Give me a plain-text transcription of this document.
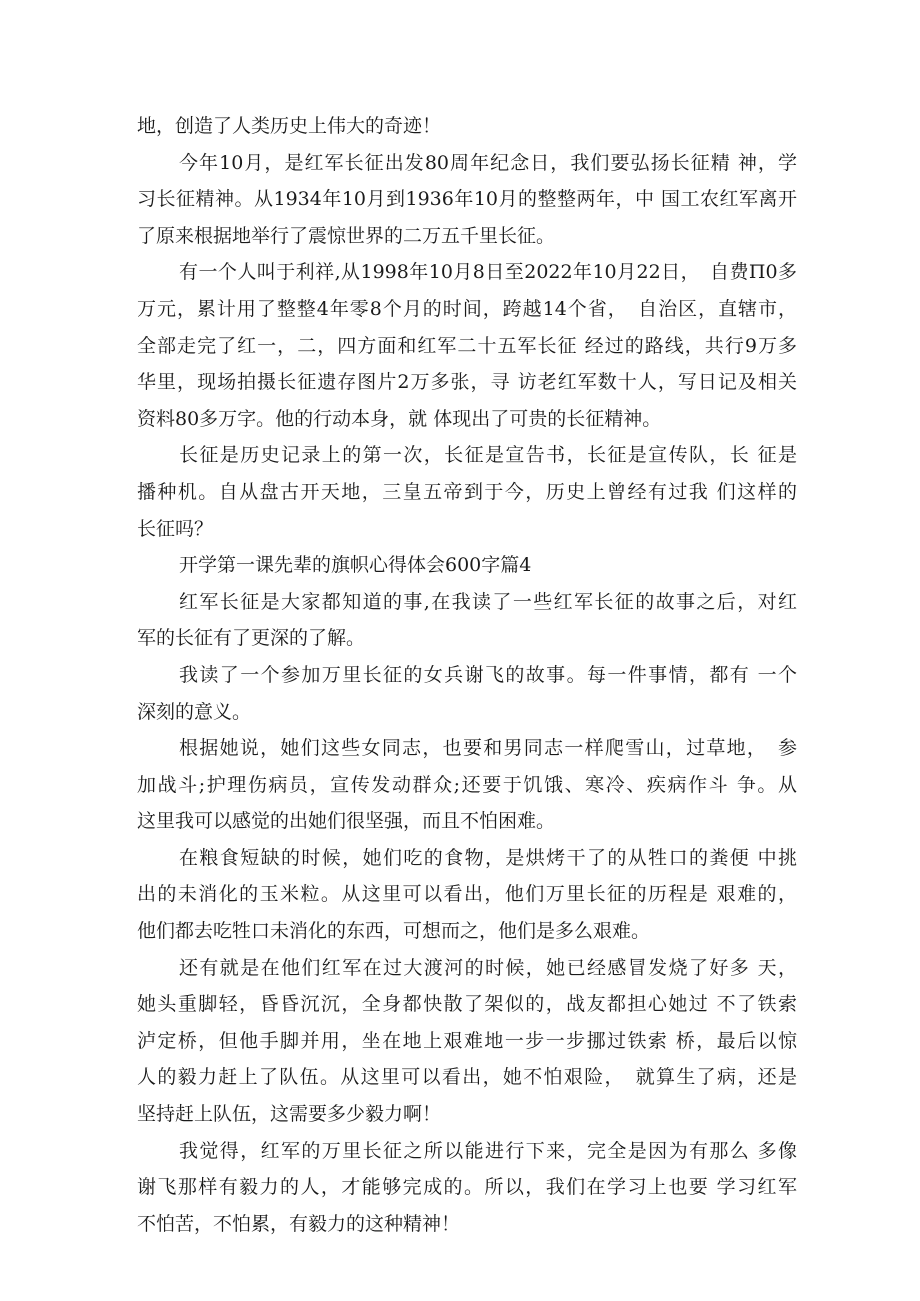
地，创造了人类历史上伟大的奇迹！
今年10月，是红军长征出发80周年纪念日，我们要弘扬长征精 神，学
习长征精神。从1934年10月到1936年10月的整整两年，中 国工农红军离开
了原来根据地举行了震惊世界的二万五千里长征。
有一个人叫于利祥,从1998年10月8日至2022年10月22日，　自费Π0多
万元，累计用了整整4年零8个月的时间，跨越14个省，　自治区，直辖市，
全部走完了红一，二，四方面和红军二十五军长征 经过的路线，共行9万多
华里，现场拍摄长征遗存图片2万多张，寻 访老红军数十人，写日记及相关
资料80多万字。他的行动本身，就 体现出了可贵的长征精神。
长征是历史记录上的第一次，长征是宣告书，长征是宣传队，长 征是
播种机。自从盘古开天地，三皇五帝到于今，历史上曾经有过我 们这样的
长征吗？
开学第一课先辈的旗帜心得体会600字篇4
红军长征是大家都知道的事,在我读了一些红军长征的故事之后，对红
军的长征有了更深的了解。
我读了一个参加万里长征的女兵谢飞的故事。每一件事情，都有 一个
深刻的意义。
根据她说，她们这些女同志，也要和男同志一样爬雪山，过草地，　参
加战斗;护理伤病员，宣传发动群众;还要于饥饿、寒冷、疾病作斗 争。从
这里我可以感觉的出她们很坚强，而且不怕困难。
在粮食短缺的时候，她们吃的食物，是烘烤干了的从牲口的粪便 中挑
出的未消化的玉米粒。从这里可以看出，他们万里长征的历程是 艰难的，
他们都去吃牲口未消化的东西，可想而之，他们是多么艰难。
还有就是在他们红军在过大渡河的时候，她已经感冒发烧了好多 天，
她头重脚轻，昏昏沉沉，全身都快散了架似的，战友都担心她过 不了铁索
泸定桥，但他手脚并用，坐在地上艰难地一步一步挪过铁索 桥，最后以惊
人的毅力赶上了队伍。从这里可以看出，她不怕艰险，　就算生了病，还是
坚持赶上队伍，这需要多少毅力啊！
我觉得，红军的万里长征之所以能进行下来，完全是因为有那么 多像
谢飞那样有毅力的人，才能够完成的。所以，我们在学习上也要 学习红军
不怕苦，不怕累，有毅力的这种精神！
